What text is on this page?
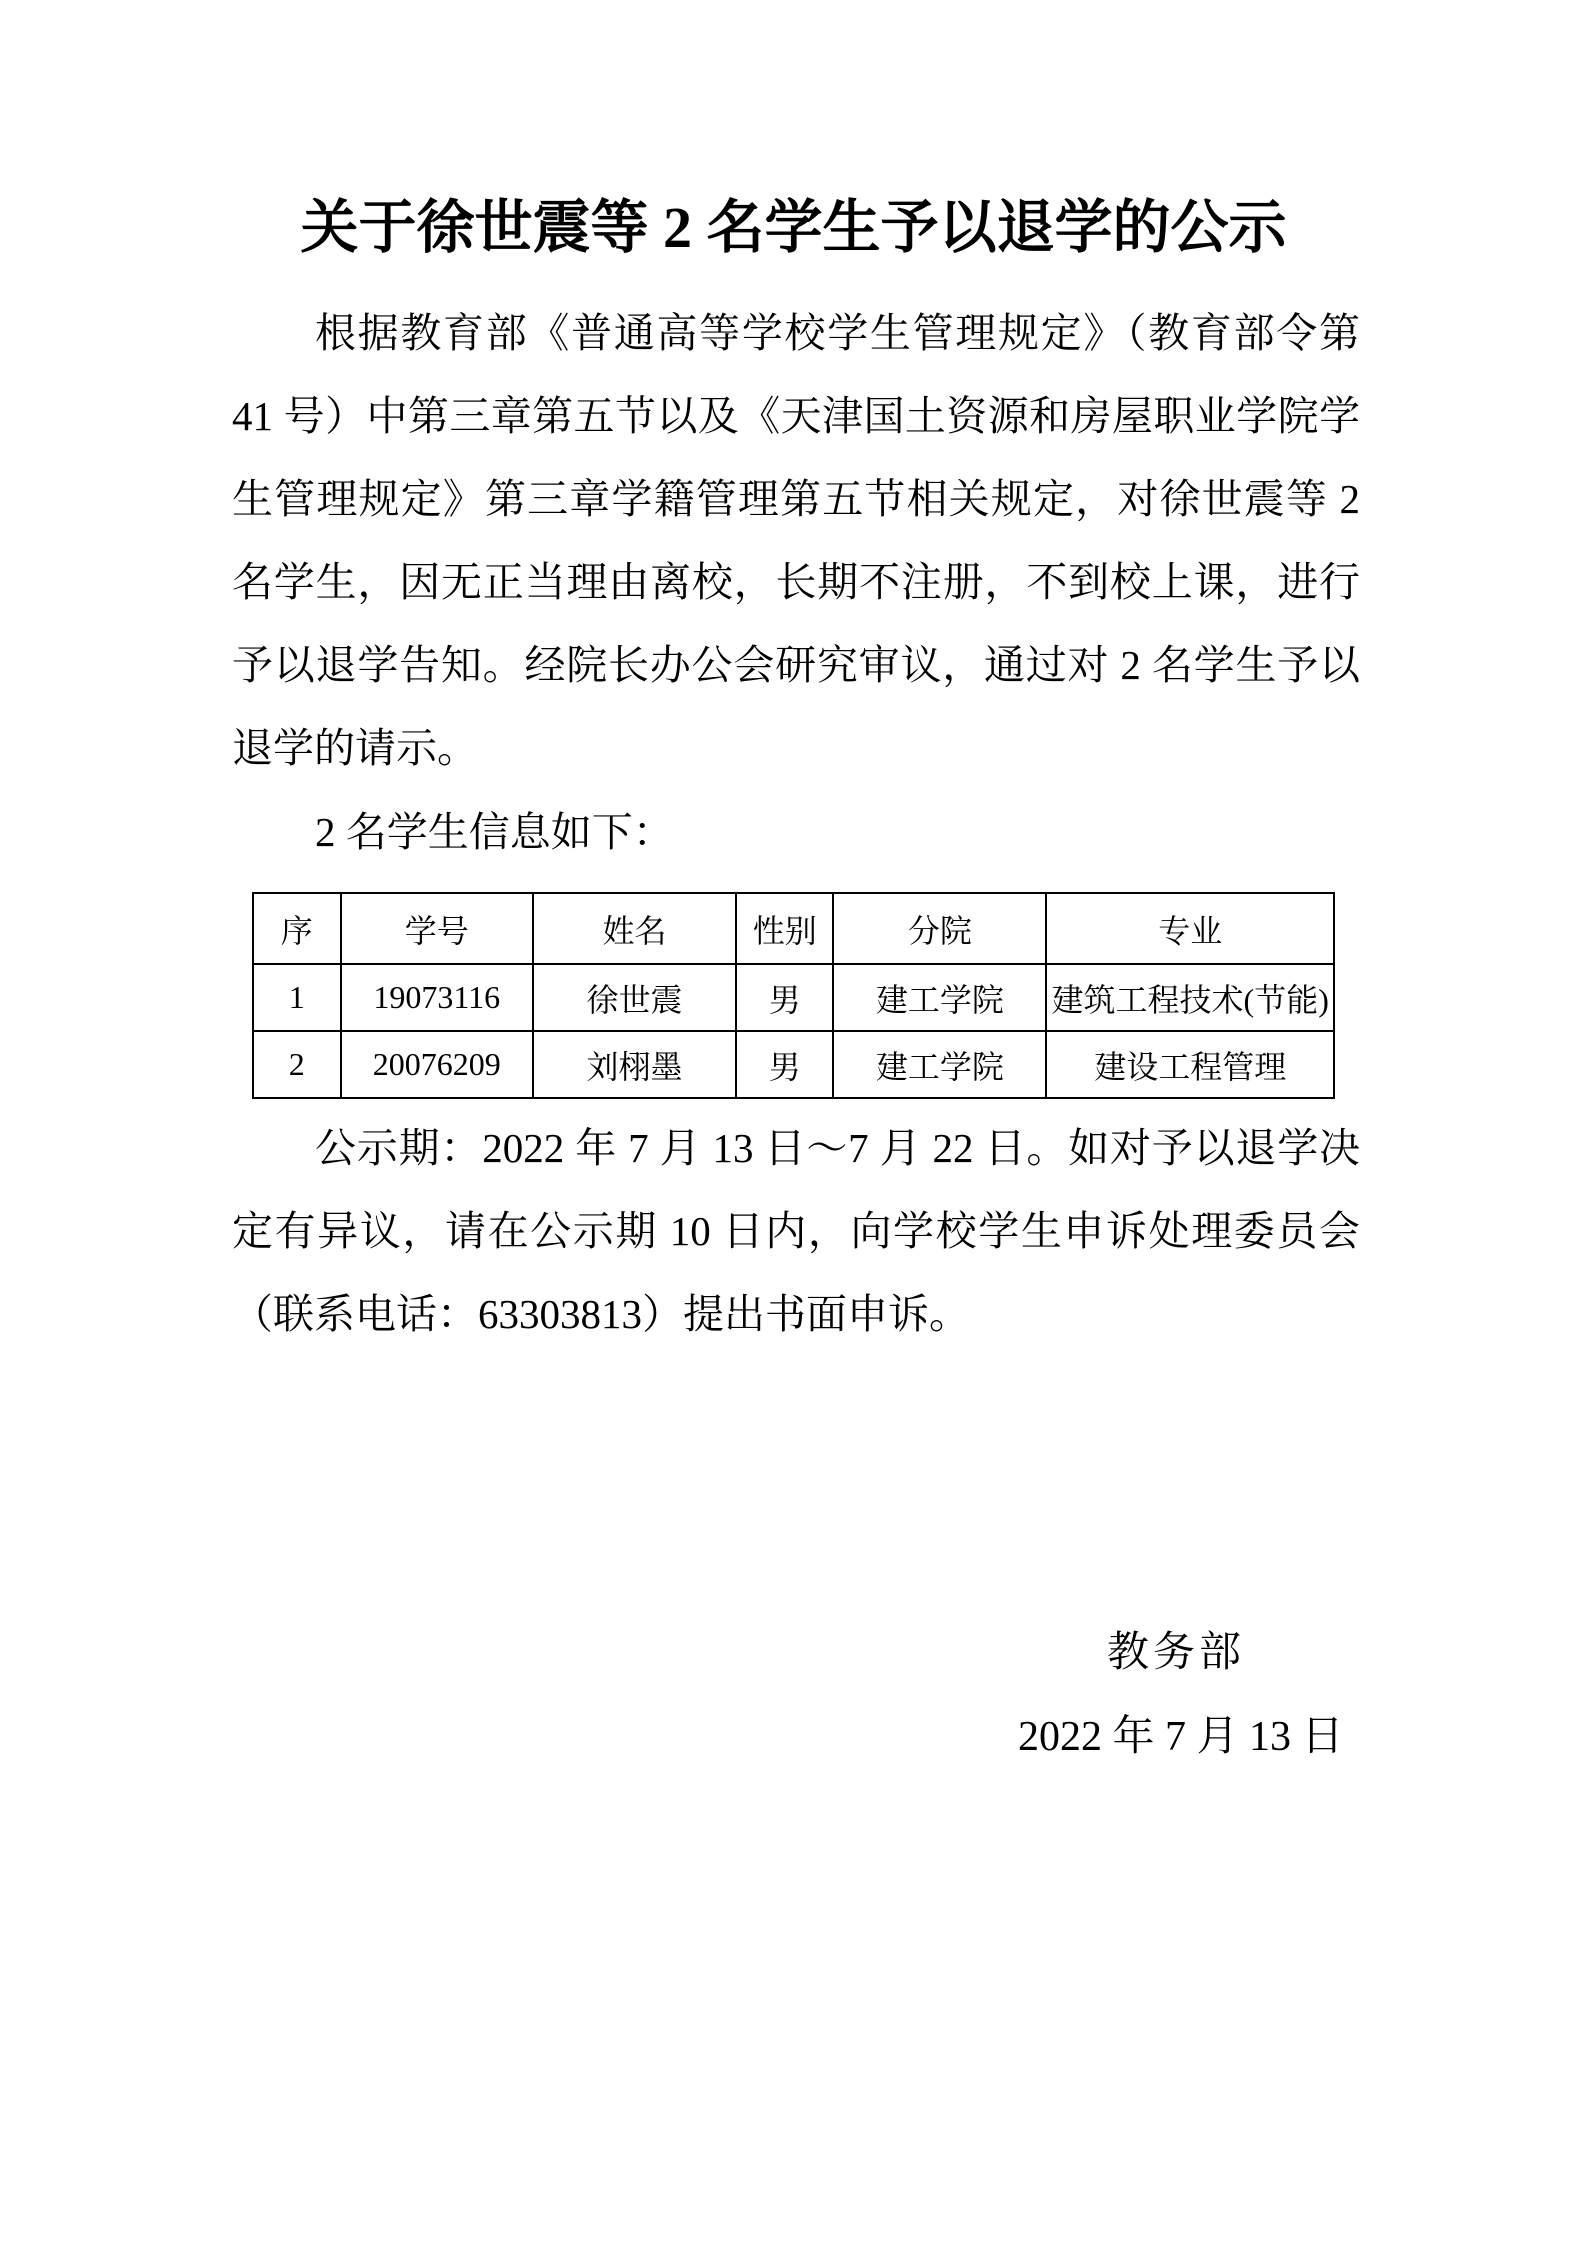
关于徐世震等 2 名学生予以退学的公示
根据教育部《普通高等学校学生管理规定》（教育部令第 41 号）中第三章第五节以及《天津国土资源和房屋职业学院学生管理规定》第三章学籍管理第五节相关规定，对徐世震等 2 名学生，因无正当理由离校，长期不注册，不到校上课，进行予以退学告知。经院长办公会研究审议，通过对 2 名学生予以退学的请示。
2 名学生信息如下：
序	学号	姓名	性别	分院	专业
1	19073116	徐世震	男	建工学院	建筑工程技术(节能)
2	20076209	刘栩墨	男	建工学院	建设工程管理
公示期：2022 年 7 月 13 日～7 月 22 日。如对予以退学决定有异议，请在公示期 10 日内，向学校学生申诉处理委员会（联系电话：63303813）提出书面申诉。
教务部
2022 年 7 月 13 日
